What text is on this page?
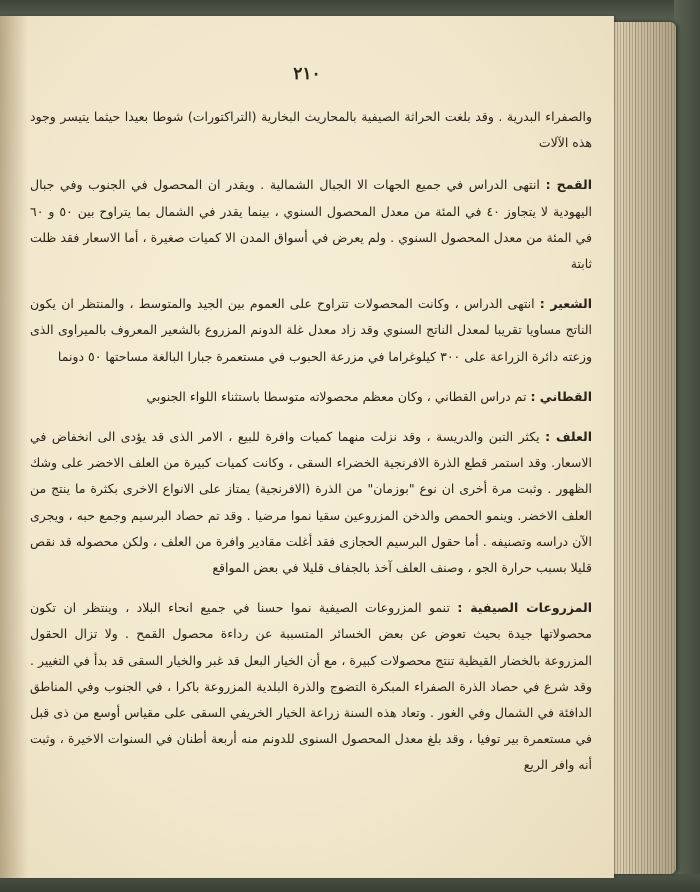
٢١٠

والصفراء البدرية . وقد بلغت الحراثة الصيفية بالمحاريث البخارية (التراكتورات) شوطا بعيدا حيثما يتيسر وجود هذه الآلات

القمح : انتهى الدراس في جميع الجهات الا الجبال الشمالية . ويقدر ان المحصول في الجنوب وفي جبال اليهودية لا يتجاوز ٤٠ في المئة من معدل المحصول السنوي ، بينما يقدر في الشمال بما يتراوح بين ٥٠ و ٦٠ في المئة من معدل المحصول السنوي . ولم يعرض في أسواق المدن الا كميات صغيرة ، أما الاسعار فقد ظلت ثابتة

الشعير : انتهى الدراس ، وكانت المحصولات تتراوح على العموم بين الجيد والمتوسط ، والمنتظر ان يكون الناتج مساويا تقريبا لمعدل الناتج السنوي وقد زاد معدل غلة الدونم المزروع بالشعير المعروف بالميراوى الذى وزعته دائرة الزراعة على ٣٠٠ كيلوغراما في مزرعة الحبوب في مستعمرة جبارا البالغة مساحتها ٥٠ دونما

القطاني : تم دراس القطاني ، وكان معظم محصولاته متوسطا باستثناء اللواء الجنوبي

العلف : يكثر التبن والدريسة ، وقد نزلت منهما كميات وافرة للبيع ، الامر الذى قد يؤدى الى انخفاض في الاسعار. وقد استمر قطع الذرة الافرنجية الخضراء السقى ، وكانت كميات كبيرة من العلف الاخضر على وشك الظهور . وثبت مرة أخرى ان نوع "بوزمان" من الذرة (الافرنجية) يمتاز على الانواع الاخرى بكثرة ما ينتج من العلف الاخضر. وينمو الحمص والدخن المزروعين سقيا نموا مرضيا . وقد تم حصاد البرسيم وجمع حبه ، ويجرى الآن دراسه وتصنيفه . أما حقول البرسيم الحجازى فقد أغلت مقادير وافرة من العلف ، ولكن محصوله قد نقص قليلا بسبب حرارة الجو ، وصنف العلف آخذ بالجفاف قليلا في بعض المواقع

المزروعات الصيفية : تنمو المزروعات الصيفية نموا حسنا في جميع انحاء البلاد ، وينتظر ان تكون محصولاتها جيدة بحيث تعوض عن بعض الخسائر المتسببة عن رداءة محصول القمح . ولا تزال الحقول المزروعة بالخضار القيظية تنتج محصولات كبيرة ، مع أن الخيار البعل قد غبر والخيار السقى قد بدأ في التغيير . وقد شرع في حصاد الذرة الصفراء المبكرة التضوج والذرة البلدية المزروعة باكرا ، في الجنوب وفي المناطق الدافئة في الشمال وفي الغور . وتعاد هذه السنة زراعة الخيار الخريفي السقى على مقياس أوسع من ذى قبل في مستعمرة بير توفيا ، وقد بلغ معدل المحصول السنوى للدونم منه أربعة أطنان في السنوات الاخيرة ، وثبت أنه وافر الريع
